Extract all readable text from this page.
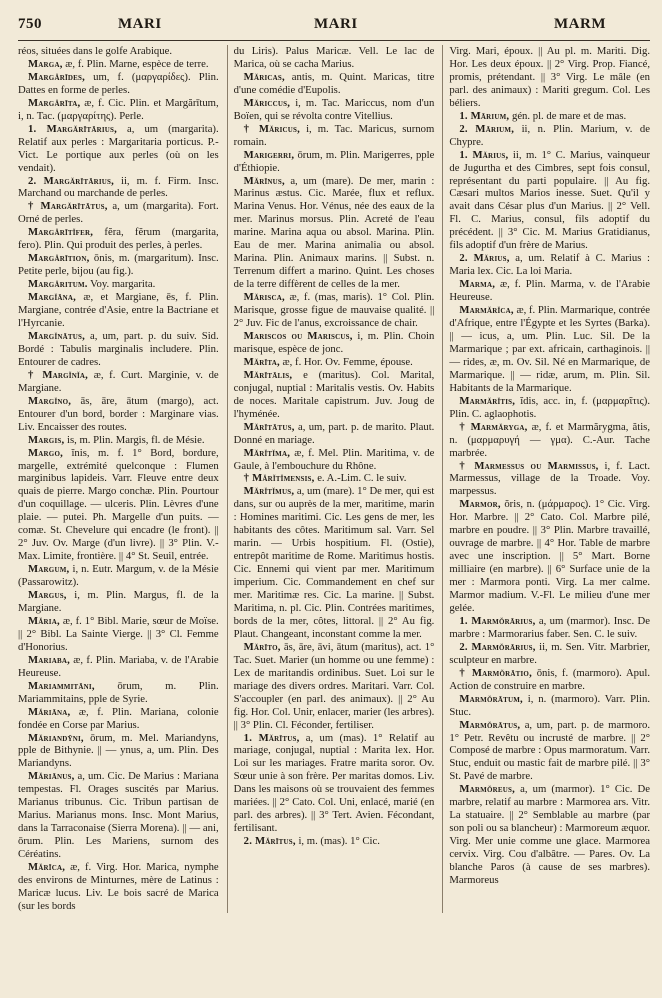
750	MARI	MARI	MARM

réos, situées dans le golfe Arabique.

Marga, æ, f. Plin. Marne, espèce de terre.

Margărīdes, um, f. (μαργαρίδες). Plin. Dattes en forme de perles.

Margărīta, æ, f. Cic. Plin. et Margărītum, i, n. Tac. (μαργαρίτης). Perle.

1. Margărītārius, a, um (margarita). Relatif aux perles : Margaritaria porticus. P.-Vict. Le portique aux perles (où on les vendait).

2. Margărītārius, ii, m. f. Firm. Insc. Marchand ou marchande de perles.

† Margărītātus, a, um (margarita). Fort. Orné de perles.

Margărītĭfer, fĕra, fĕrum (margarita, fero). Plin. Qui produit des perles, à perles.

Margărītion, ōnis, m. (margaritum). Insc. Petite perle, bijou (au fig.).

Margăritum. Voy. margarita.

Margĭāna, æ, et Margiane, ēs, f. Plin. Margiane, contrée d'Asie, entre la Bactriane et l'Hyrcanie.

Margĭnātus, a, um, part. p. du suiv. Sid. Bordé : Tabulis marginalis includere. Plin. Entourer de cadres.

† Margĭnĭa, æ, f. Curt. Marginie, v. de Margiane.

Margĭno, ās, āre, ātum (margo), act. Entourer d'un bord, border : Marginare vias. Liv. Encaisser des routes.

Margis, is, m. Plin. Margis, fl. de Mésie.

Margo, ĭnis, m. f. 1° Bord, bordure, margelle, extrémité quelconque : Flumen marginibus lapideis. Varr. Fleuve entre deux quais de pierre. Margo conchæ. Plin. Pourtour d'un coquillage. — ulceris. Plin. Lèvres d'une plaie. — putei. Ph. Margelle d'un puits. — comæ. St. Chevelure qui encadre (le front). || 2° Juv. Ov. Marge (d'un livre). || 3° Plin. V.-Max. Limite, frontière. || 4° St. Seuil, entrée.

Margum, i, n. Eutr. Margum, v. de la Mésie (Passarowitz).

Margus, i, m. Plin. Margus, fl. de la Margiane.

Măria, æ, f. 1° Bibl. Marie, sœur de Moïse. || 2° Bibl. La Sainte Vierge. || 3° Cl. Femme d'Honorius.

Mariaba, æ, f. Plin. Mariaba, v. de l'Arabie Heureuse.

Mariammitāni, ōrum, m. Plin. Mariammitains, pple de Syrie.

Măriāna, æ, f. Plin. Mariana, colonie fondée en Corse par Marius.

Măriandȳni, ōrum, m. Mel. Mariandyns, pple de Bithynie. || — ynus, a, um. Plin. Des Mariandyns.

Măriānus, a, um. Cic. De Marius : Mariana tempestas. Fl. Orages suscités par Marius. Marianus tribunus. Cic. Tribun partisan de Marius. Marianus mons. Insc. Mont Marius, dans la Tarraconaise (Sierra Morena). || — ani, ōrum. Plin. Les Mariens, surnom des Céréatins.

Mărīca, æ, f. Virg. Hor. Marica, nymphe des environs de Minturnes, mère de Latinus : Maricæ lucus. Liv. Le bois sacré de Marica (sur les bords

du Liris). Palus Maricæ. Vell. Le lac de Marica, où se cacha Marius.

Măricas, antis, m. Quint. Maricas, titre d'une comédie d'Eupolis.

Măriccus, i, m. Tac. Mariccus, nom d'un Boïen, qui se révolta contre Vitellius.

† Măricus, i, m. Tac. Maricus, surnom romain.

Marigerri, ōrum, m. Plin. Marigerres, pple d'Éthiopie.

Mărīnus, a, um (mare). De mer, marin : Marinus æstus. Cic. Marée, flux et reflux. Marina Venus. Hor. Vénus, née des eaux de la mer. Marinus morsus. Plin. Acreté de l'eau marine. Marina aqua ou absol. Marina. Plin. Eau de mer. Marina animalia ou absol. Marina. Plin. Animaux marins. || Subst. n. Terrenum differt a marino. Quint. Les choses de la terre diffèrent de celles de la mer.

Mărisca, æ, f. (mas, maris). 1° Col. Plin. Marisque, grosse figue de mauvaise qualité. || 2° Juv. Fic de l'anus, excroissance de chair.

Mariscos ou Mariscus, i, m. Plin. Choin marisque, espèce de jonc.

Mărīta, æ, f. Hor. Ov. Femme, épouse.

Mărītālis, e (maritus). Col. Marital, conjugal, nuptial : Maritalis vestis. Ov. Habits de noces. Maritale capistrum. Juv. Joug de l'hyménée.

Mărītātus, a, um, part. p. de marito. Plaut. Donné en mariage.

Mărĭtĭma, æ, f. Mel. Plin. Maritima, v. de Gaule, à l'embouchure du Rhône.

† Mărĭtĭmensis, e. A.-Lim. C. le suiv.

Mărĭtĭmus, a, um (mare). 1° De mer, qui est dans, sur ou auprès de la mer, maritime, marin : Homines maritimi. Cic. Les gens de mer, les habitants des côtes. Maritimum sal. Varr. Sel marin. — Urbis hospitium. Fl. (Ostie), entrepôt maritime de Rome. Maritimus hostis. Cic. Ennemi qui vient par mer. Maritimum imperium. Cic. Commandement en chef sur mer. Maritimæ res. Cic. La marine. || Subst. Maritima, n. pl. Cic. Plin. Contrées maritimes, bords de la mer, côtes, littoral. || 2° Au fig. Plaut. Changeant, inconstant comme la mer.

Mărīto, ās, āre, āvi, ātum (maritus), act. 1° Tac. Suet. Marier (un homme ou une femme) : Lex de maritandis ordinibus. Suet. Loi sur le mariage des divers ordres. Maritari. Varr. Col. S'accoupler (en parl. des animaux). || 2° Au fig. Hor. Col. Unir, enlacer, marier (les arbres). || 3° Plin. Cl. Féconder, fertiliser.

1. Mărītus, a, um (mas). 1° Relatif au mariage, conjugal, nuptial : Marita lex. Hor. Loi sur les mariages. Fratre marita soror. Ov. Sœur unie à son frère. Per maritas domos. Liv. Dans les maisons où se trouvaient des femmes mariées. || 2° Cato. Col. Uni, enlacé, marié (en parl. des arbres). || 3° Tert. Avien. Fécondant, fertilisant.

2. Mărītus, i, m. (mas). 1° Cic.

Virg. Mari, époux. || Au pl. m. Mariti. Dig. Hor. Les deux époux. || 2° Virg. Prop. Fiancé, promis, prétendant. || 3° Virg. Le mâle (en parl. des animaux) : Mariti gregum. Col. Les béliers.

1. Mārium, gén. pl. de mare et de mas.

2. Mārium, ii, n. Plin. Marium, v. de Chypre.

1. Mărius, ii, m. 1° C. Marius, vainqueur de Jugurtha et des Cimbres, sept fois consul, représentant du parti populaire. || Au fig. Cæsari multos Marios inesse. Suet. Qu'il y avait dans César plus d'un Marius. || 2° Vell. Fl. C. Marius, consul, fils adoptif du précédent. || 3° Cic. M. Marius Gratidianus, fils adoptif d'un frère de Marius.

2. Mărius, a, um. Relatif à C. Marius : Maria lex. Cic. La loi Maria.

Marma, æ, f. Plin. Marma, v. de l'Arabie Heureuse.

Marmărĭca, æ, f. Plin. Marmarique, contrée d'Afrique, entre l'Égypte et les Syrtes (Barka). || — icus, a, um. Plin. Luc. Sil. De la Marmarique ; par ext. africain, carthaginois. || — rides, æ, m. Ov. Sil. Né en Marmarique, de Marmarique. || — ridæ, arum, m. Plin. Sil. Habitants de la Marmarique.

Marmărĭtis, ĭdis, acc. in, f. (μαρμαρῖτις). Plin. C. aglaophotis.

† Marmăryga, æ, f. et Marmărygma, ătis, n. (μαρμαρυγή — γμα). C.-Aur. Tache marbrée.

† Marmessus ou Marmissus, i, f. Lact. Marmessus, village de la Troade. Voy. marpessus.

Marmor, ŏris, n. (μάρμαρος). 1° Cic. Virg. Hor. Marbre. || 2° Cato. Col. Marbre pilé, marbre en poudre. || 3° Plin. Marbre travaillé, ouvrage de marbre. || 4° Hor. Table de marbre avec une inscription. || 5° Mart. Borne milliaire (en marbre). || 6° Surface unie de la mer : Marmora ponti. Virg. La mer calme. Marmor madium. V.-Fl. Le milieu d'une mer gelée.

1. Marmŏrārius, a, um (marmor). Insc. De marbre : Marmorarius faber. Sen. C. le suiv.

2. Marmŏrārius, ii, m. Sen. Vitr. Marbrier, sculpteur en marbre.

† Marmŏrātio, ōnis, f. (marmoro). Apul. Action de construire en marbre.

Marmŏrātum, i, n. (marmoro). Varr. Plin. Stuc.

Marmŏrātus, a, um, part. p. de marmoro. 1° Petr. Revêtu ou incrusté de marbre. || 2° Composé de marbre : Opus marmoratum. Varr. Stuc, enduit ou mastic fait de marbre pilé. || 3° St. Pavé de marbre.

Marmŏreus, a, um (marmor). 1° Cic. De marbre, relatif au marbre : Marmorea ars. Vitr. La statuaire. || 2° Semblable au marbre (par son poli ou sa blancheur) : Marmoreum æquor. Virg. Mer unie comme une glace. Marmorea cervix. Virg. Cou d'albâtre. — Pares. Ov. La blanche Paros (à cause de ses marbres). Marmoreus
